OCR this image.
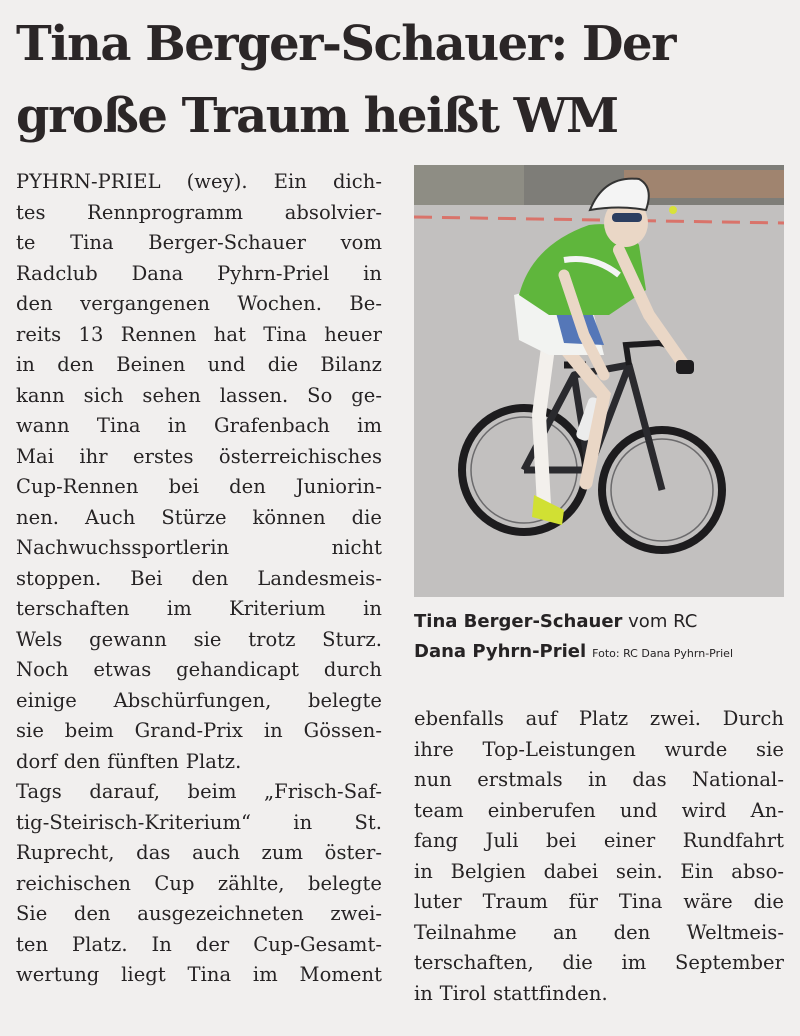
Tina Berger-Schauer: Der
große Traum heißt WM
PYHRN-PRIEL (wey). Ein dich-
tes Rennprogramm absolvier-
te Tina Berger-Schauer vom
Radclub Dana Pyhrn-Priel in
den vergangenen Wochen. Be-
reits 13 Rennen hat Tina heuer
in den Beinen und die Bilanz
kann sich sehen lassen. So ge-
wann Tina in Grafenbach im
Mai ihr erstes österreichisches
Cup-Rennen bei den Juniorin-
nen. Auch Stürze können die
Nachwuchssportlerin nicht
stoppen. Bei den Landesmeis-
terschaften im Kriterium in
Wels gewann sie trotz Sturz.
Noch etwas gehandicapt durch
einige Abschürfungen, belegte
sie beim Grand-Prix in Gössen-
dorf den fünften Platz.
Tags darauf, beim „Frisch-Saf-
tig-Steirisch-Kriterium“ in St.
Ruprecht, das auch zum öster-
reichischen Cup zählte, belegte
Sie den ausgezeichneten zwei-
ten Platz. In der Cup-Gesamt-
wertung liegt Tina im Moment
Tina Berger-Schauer vom RC
Dana Pyhrn-Priel Foto: RC Dana Pyhrn-Priel
ebenfalls auf Platz zwei. Durch
ihre Top-Leistungen wurde sie
nun erstmals in das National-
team einberufen und wird An-
fang Juli bei einer Rundfahrt
in Belgien dabei sein. Ein abso-
luter Traum für Tina wäre die
Teilnahme an den Weltmeis-
terschaften, die im September
in Tirol stattfinden.
